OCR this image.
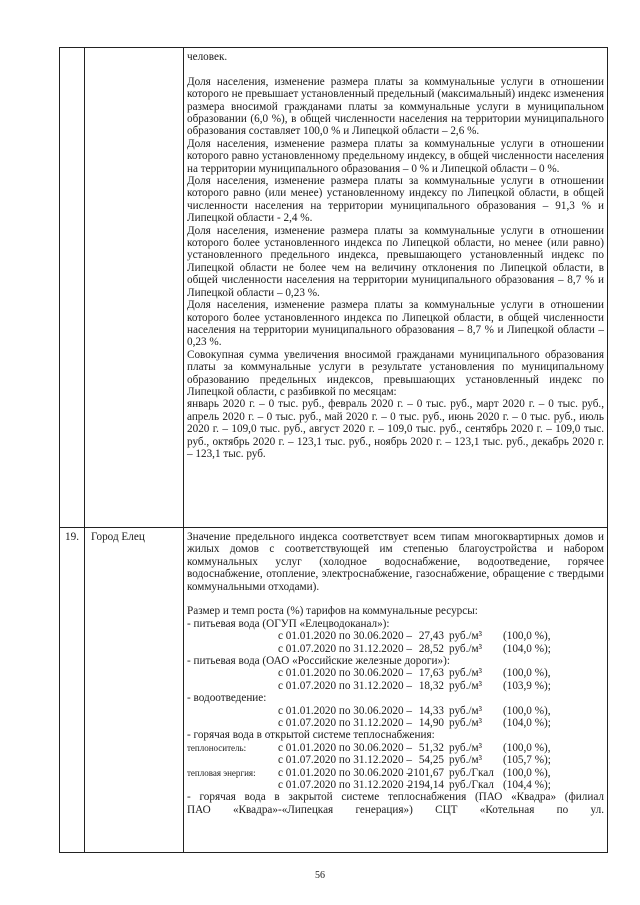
человек.

Доля населения, изменение размера платы за коммунальные услуги в отношении которого не превышает установленный предельный (максимальный) индекс изменения размера вносимой гражданами платы за коммунальные услуги в муниципальном образовании (6,0 %), в общей численности населения на территории муниципального образования составляет 100,0 % и Липецкой области – 2,6 %.

Доля населения, изменение размера платы за коммунальные услуги в отношении которого равно установленному предельному индексу, в общей численности населения на территории муниципального образования – 0 % и Липецкой области – 0 %.

Доля населения, изменение размера платы за коммунальные услуги в отношении которого равно (или менее) установленному индексу по Липецкой области, в общей численности населения на территории муниципального образования – 91,3 % и Липецкой области - 2,4 %.

Доля населения, изменение размера платы за коммунальные услуги в отношении которого более установленного индекса по Липецкой области, но менее (или равно) установленного предельного индекса, превышающего установленный индекс по Липецкой области не более чем на величину отклонения по Липецкой области, в общей численности населения на территории муниципального образования – 8,7 % и Липецкой области – 0,23 %.

Доля населения, изменение размера платы за коммунальные услуги в отношении которого более установленного индекса по Липецкой области, в общей численности населения на территории муниципального образования – 8,7 % и Липецкой области – 0,23 %.

Совокупная сумма увеличения вносимой гражданами муниципального образования платы за коммунальные услуги в результате установления по муниципальному образованию предельных индексов, превышающих установленный индекс по Липецкой области, с разбивкой по месяцам:

январь 2020 г. – 0 тыс. руб., февраль 2020 г. – 0 тыс. руб., март 2020 г. – 0 тыс. руб., апрель 2020 г. – 0 тыс. руб., май 2020 г. – 0 тыс. руб., июнь 2020 г. – 0 тыс. руб., июль 2020 г. – 109,0 тыс. руб., август 2020 г. – 109,0 тыс. руб., сентябрь 2020 г. – 109,0 тыс. руб., октябрь 2020 г. – 123,1 тыс. руб., ноябрь 2020 г. – 123,1 тыс. руб., декабрь 2020 г. – 123,1 тыс. руб.

19. Город Елец	Значение предельного индекса соответствует всем типам многоквартирных домов и жилых домов с соответствующей им степенью благоустройства и набором коммунальных услуг (холодное водоснабжение, водоотведение, горячее водоснабжение, отопление, электроснабжение, газоснабжение, обращение с твердыми коммунальными отходами).

Размер и темп роста (%) тарифов на коммунальные ресурсы:

- питьевая вода (ОГУП «Елецводоканал»):

с 01.01.2020 по 30.06.2020 – 27,43 руб./м³ (100,0 %),
с 01.07.2020 по 31.12.2020 – 28,52 руб./м³ (104,0 %);

- питьевая вода (ОАО «Российские железные дороги»):

с 01.01.2020 по 30.06.2020 – 17,63 руб./м³ (100,0 %),
с 01.07.2020 по 31.12.2020 – 18,32 руб./м³ (103,9 %);

- водоотведение:

с 01.01.2020 по 30.06.2020 – 14,33 руб./м³ (100,0 %),
с 01.07.2020 по 31.12.2020 – 14,90 руб./м³ (104,0 %);

- горячая вода в открытой системе теплоснабжения:

теплоноситель:	с 01.01.2020 по 30.06.2020 – 51,32 руб./м³ (100,0 %),
с 01.07.2020 по 31.12.2020 – 54,25 руб./м³ (105,7 %);
тепловая энергия: с 01.01.2020 по 30.06.2020 –
2101,67 руб./Гкал (100,0 %),
с 01.07.2020 по 31.12.2020 –
2194,14 руб./Гкал (104,4 %);

- горячая вода в закрытой системе теплоснабжения (ПАО «Квадра» (филиал

ПАО «Квадра»-«Липецкая генерация») СЦТ «Котельная по ул.

56
